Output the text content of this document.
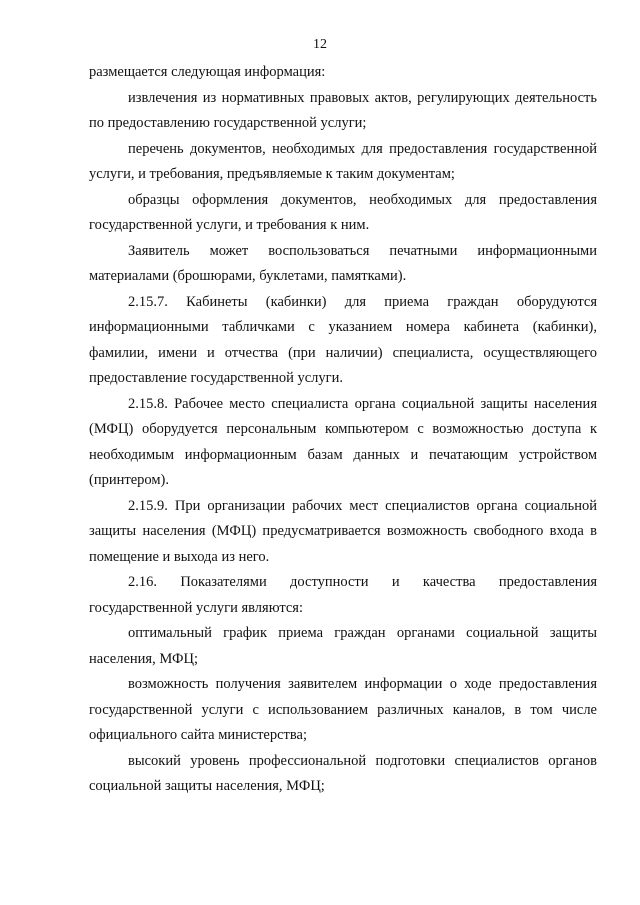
12

размещается следующая информация:

извлечения из нормативных правовых актов, регулирующих деятельность по предоставлению государственной услуги;

перечень документов, необходимых для предоставления государственной услуги, и требования, предъявляемые к таким документам;

образцы оформления документов, необходимых для предоставления государственной услуги, и требования к ним.

Заявитель может воспользоваться печатными информационными материалами (брошюрами, буклетами, памятками).

2.15.7. Кабинеты (кабинки) для приема граждан оборудуются информационными табличками с указанием номера кабинета (кабинки), фамилии, имени и отчества (при наличии) специалиста, осуществляющего предоставление государственной услуги.

2.15.8. Рабочее место специалиста органа социальной защиты населения (МФЦ) оборудуется персональным компьютером с возможностью доступа к необходимым информационным базам данных и печатающим устройством (принтером).

2.15.9. При организации рабочих мест специалистов органа социальной защиты населения (МФЦ) предусматривается возможность свободного входа в помещение и выхода из него.

2.16. Показателями доступности и качества предоставления государственной услуги являются:

оптимальный график приема граждан органами социальной защиты населения, МФЦ;

возможность получения заявителем информации о ходе предоставления государственной услуги с использованием различных каналов, в том числе официального сайта министерства;

высокий уровень профессиональной подготовки специалистов органов социальной защиты населения, МФЦ;
